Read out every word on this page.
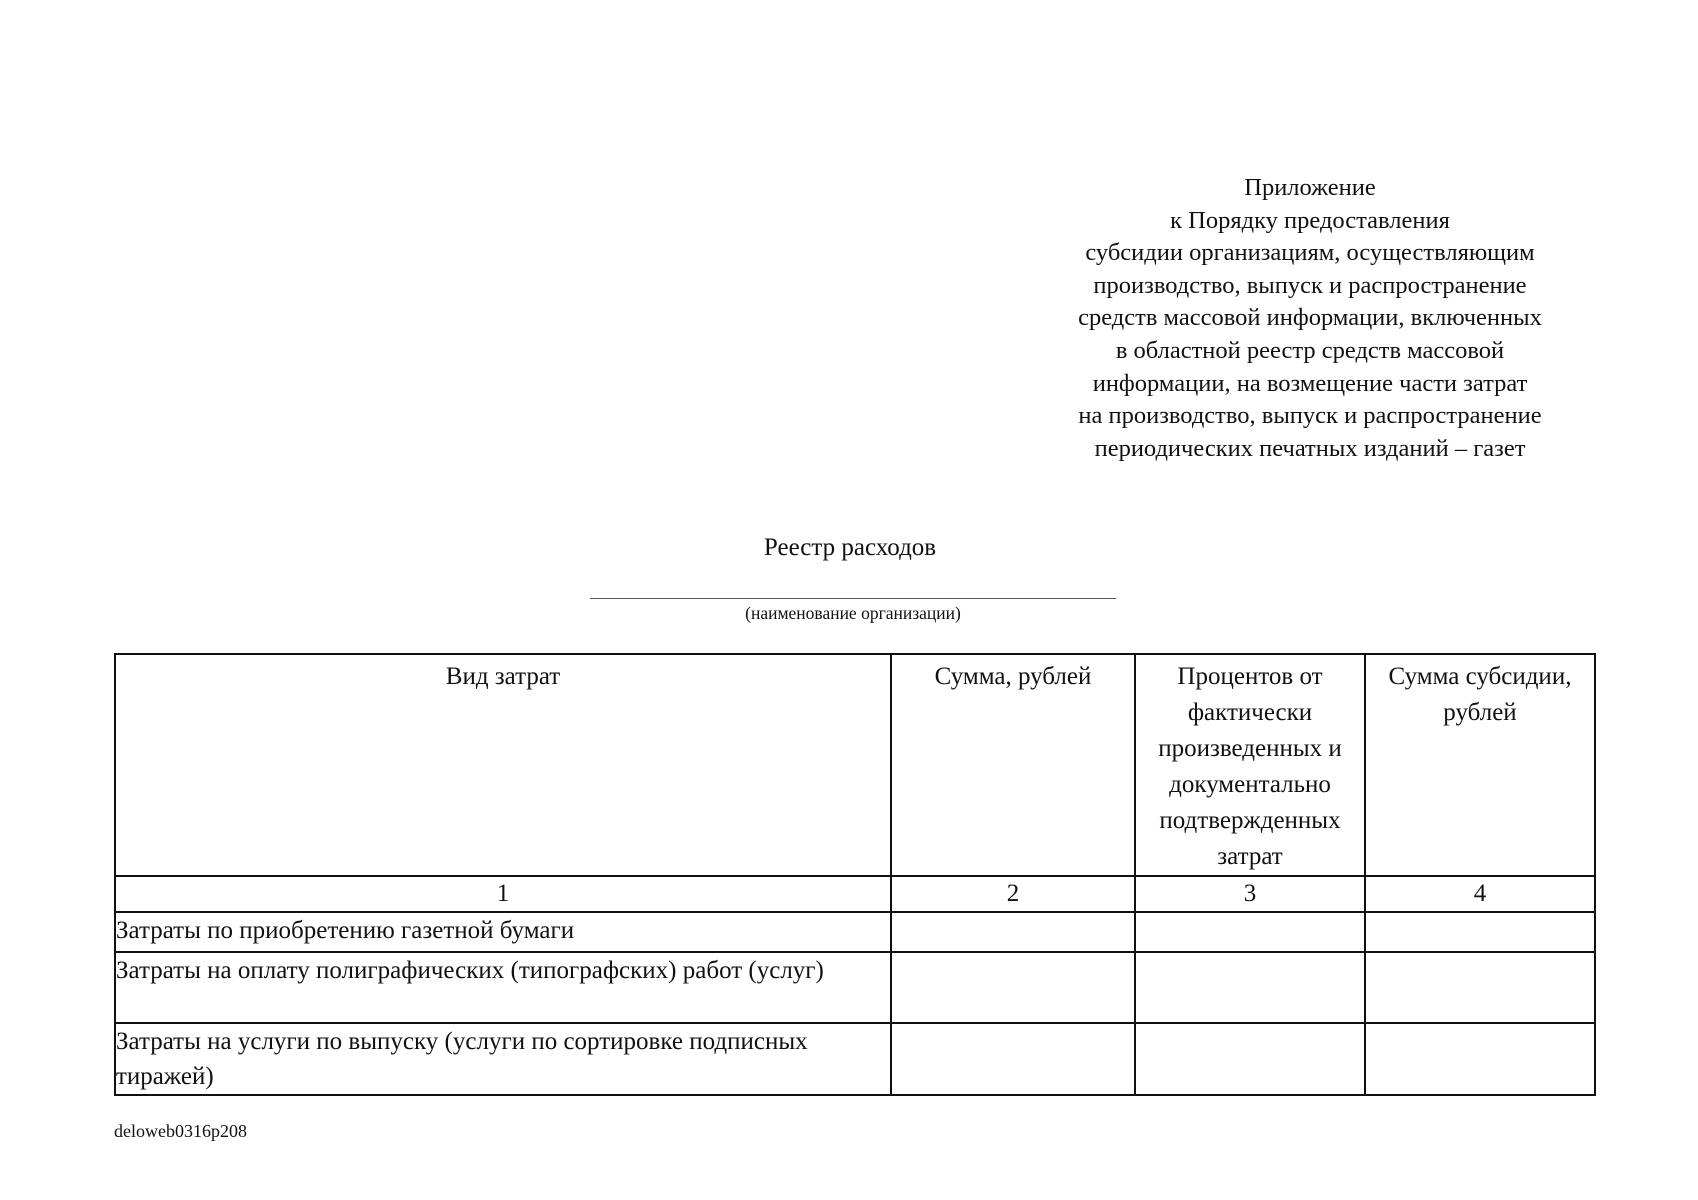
Приложение
к Порядку предоставления
субсидии организациям, осуществляющим
производство, выпуск и распространение
средств массовой информации, включенных
в областной реестр средств массовой
информации, на возмещение части затрат
на производство, выпуск и распространение
периодических печатных изданий – газет
Реестр расходов
(наименование организации)
Вид затрат	Сумма, рублей	Процентов от фактически произведенных и документально подтвержденных затрат	Сумма субсидии, рублей
1	2	3	4
Затраты по приобретению газетной бумаги			
Затраты на оплату полиграфических (типографских) работ (услуг)			
Затраты на услуги по выпуску (услуги по сортировке подписных тиражей)			
deloweb0316p208
